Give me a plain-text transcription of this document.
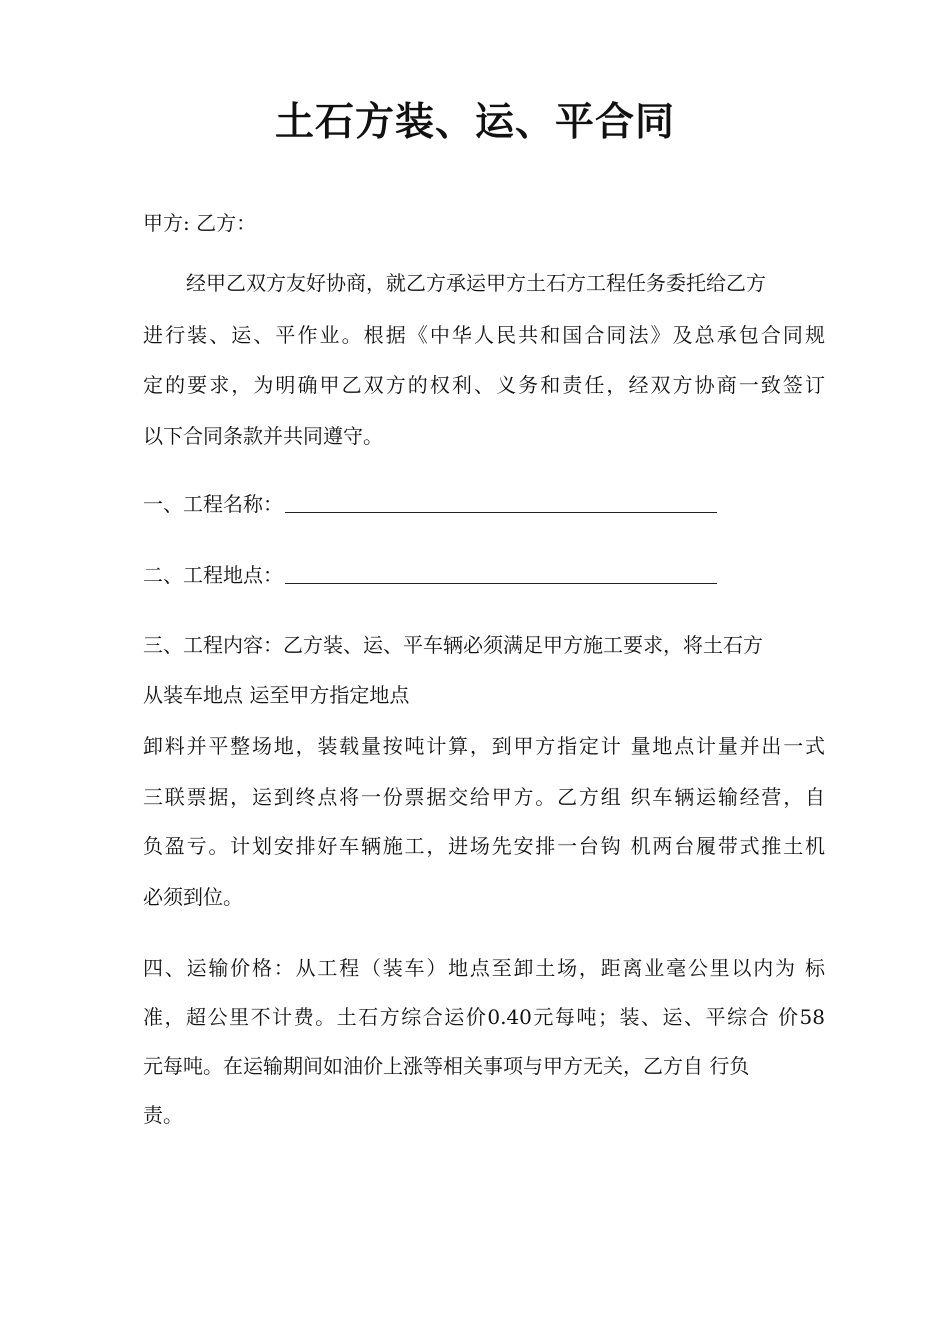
土石方装、运、平合同
甲方: 乙方：
经甲乙双方友好协商，就乙方承运甲方土石方工程任务委托给乙方
进行装、运、平作业。根据《中华人民共和国合同法》及总承包合同规
定的要求，为明确甲乙双方的权利、义务和责任，经双方协商一致签订
以下合同条款并共同遵守。
一、工程名称：
二、工程地点：
三、工程内容：乙方装、运、平车辆必须满足甲方施工要求，将土石方
从装车地点 运至甲方指定地点
卸料并平整场地，装载量按吨计算，到甲方指定计 量地点计量并出一式
三联票据，运到终点将一份票据交给甲方。乙方组 织车辆运输经营，自
负盈亏。计划安排好车辆施工，进场先安排一台钩 机两台履带式推土机
必须到位。
四、运输价格：从工程（装车）地点至卸土场，距离业毫公里以内为 标
准，超公里不计费。土石方综合运价0.40元每吨；装、运、平综合 价58
元每吨。在运输期间如油价上涨等相关事项与甲方无关，乙方自 行负
责。
